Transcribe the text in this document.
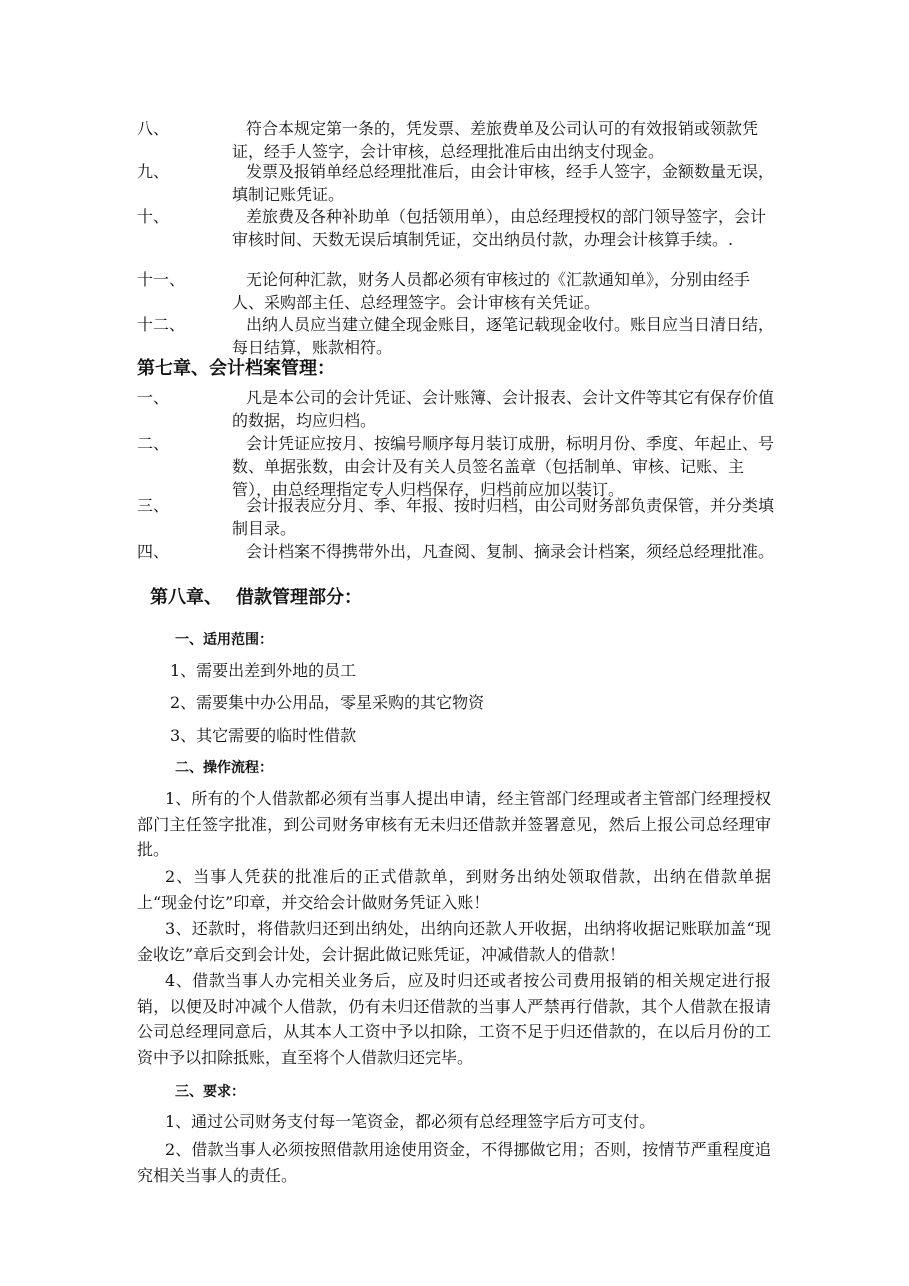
八、	符合本规定第一条的，凭发票、差旅费单及公司认可的有效报销或领款凭证，经手人签字，会计审核，总经理批准后由出纳支付现金。
九、	发票及报销单经总经理批准后，由会计审核，经手人签字，金额数量无误，填制记账凭证。
十、	差旅费及各种补助单（包括领用单），由总经理授权的部门领导签字，会计审核时间、天数无误后填制凭证，交出纳员付款，办理会计核算手续。.
十一、	无论何种汇款，财务人员都必须有审核过的《汇款通知单》，分别由经手人、采购部主任、总经理签字。会计审核有关凭证。
十二、	出纳人员应当建立健全现金账目，逐笔记载现金收付。账目应当日清日结，每日结算，账款相符。
第七章、会计档案管理：
一、	凡是本公司的会计凭证、会计账簿、会计报表、会计文件等其它有保存价值的数据，均应归档。
二、	会计凭证应按月、按编号顺序每月装订成册，标明月份、季度、年起止、号数、单据张数，由会计及有关人员签名盖章（包括制单、审核、记账、主管），由总经理指定专人归档保存，归档前应加以装订。
三、	会计报表应分月、季、年报、按时归档，由公司财务部负责保管，并分类填制目录。
四、	会计档案不得携带外出，凡查阅、复制、摘录会计档案，须经总经理批准。
第八章、 借款管理部分：
一、适用范围：
1、需要出差到外地的员工
2、需要集中办公用品，零星采购的其它物资
3、其它需要的临时性借款
二、操作流程：
1、所有的个人借款都必须有当事人提出申请，经主管部门经理或者主管部门经理授权部门主任签字批准，到公司财务审核有无未归还借款并签署意见，然后上报公司总经理审批。
2、当事人凭获的批准后的正式借款单，到财务出纳处领取借款，出纳在借款单据上“现金付讫”印章，并交给会计做财务凭证入账！
3、还款时，将借款归还到出纳处，出纳向还款人开收据，出纳将收据记账联加盖“现金收讫”章后交到会计处，会计据此做记账凭证，冲减借款人的借款！
4、借款当事人办完相关业务后，应及时归还或者按公司费用报销的相关规定进行报销，以便及时冲减个人借款，仍有未归还借款的当事人严禁再行借款，其个人借款在报请公司总经理同意后，从其本人工资中予以扣除，工资不足于归还借款的，在以后月份的工资中予以扣除抵账，直至将个人借款归还完毕。
三、要求：
1、通过公司财务支付每一笔资金，都必须有总经理签字后方可支付。
2、借款当事人必须按照借款用途使用资金，不得挪做它用；否则，按情节严重程度追究相关当事人的责任。
